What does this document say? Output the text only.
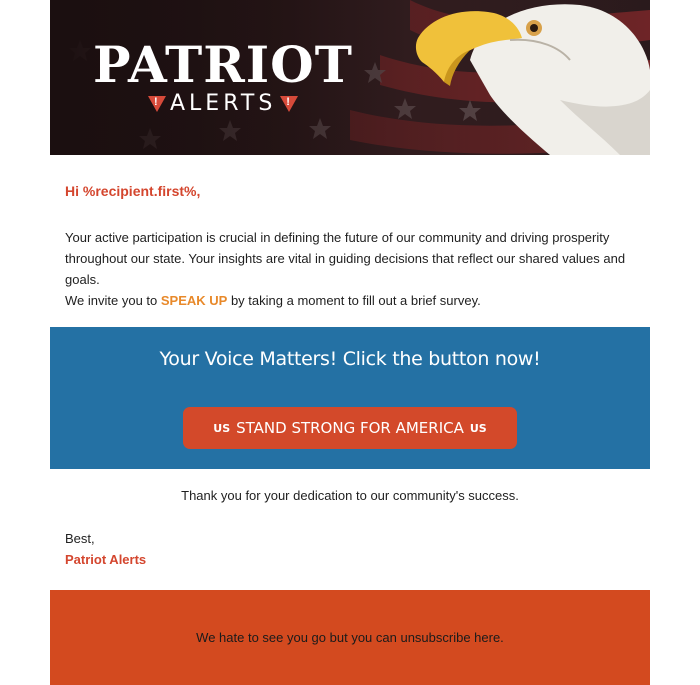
PATRIOT
! ALERTS !

Hi %recipient.first%,

Your active participation is crucial in defining the future of our community and driving prosperity throughout our state. Your insights are vital in guiding decisions that reflect our shared values and goals.

We invite you to SPEAK UP by taking a moment to fill out a brief survey.

Your Voice Matters! Click the button now!
US STAND STRONG FOR AMERICA US

Thank you for your dedication to our community's success.

Best,
Patriot Alerts
We hate to see you go but you can unsubscribe here.
